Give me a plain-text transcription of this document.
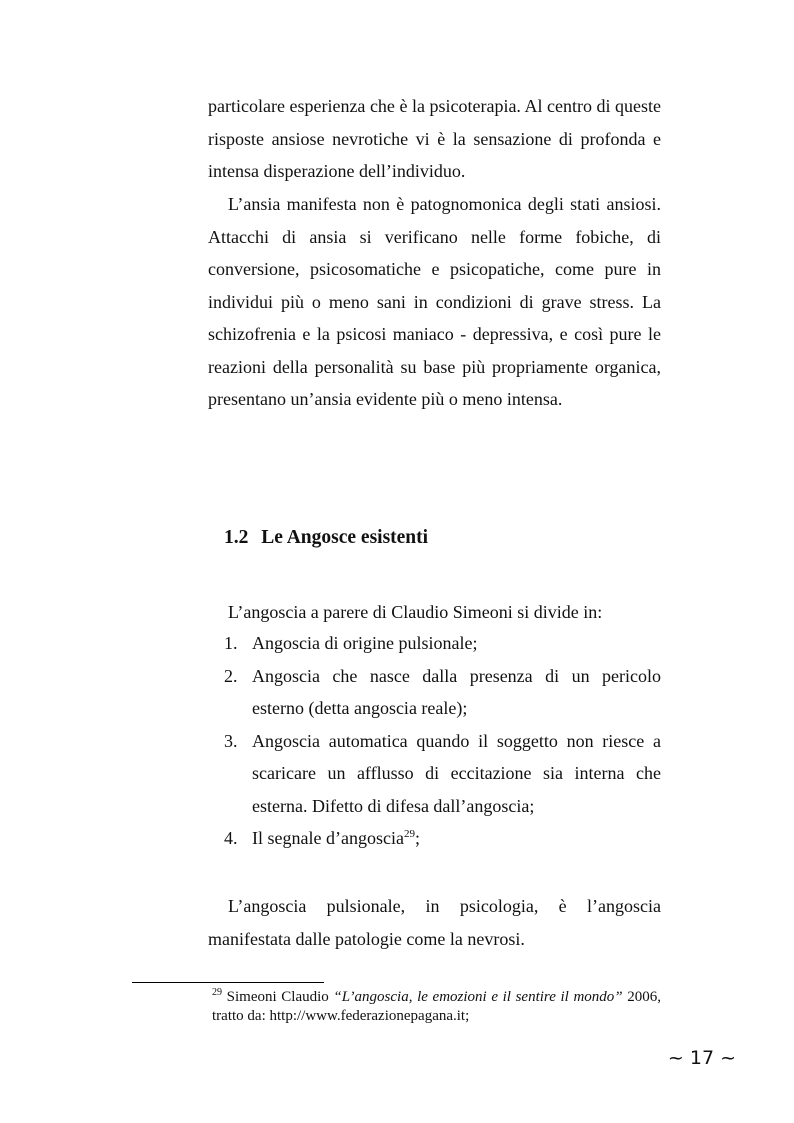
particolare esperienza che è la psicoterapia. Al centro di queste risposte ansiose nevrotiche vi è la sensazione di profonda e intensa disperazione dell’individuo.

L’ansia manifesta non è patognomonica degli stati ansiosi. Attacchi di ansia si verificano nelle forme fobiche, di conversione, psicosomatiche e psicopatiche, come pure in individui più o meno sani in condizioni di grave stress. La schizofrenia e la psicosi maniaco - depressiva, e così pure le reazioni della personalità su base più propriamente organica, presentano un’ansia evidente più o meno intensa.

1.2 Le Angosce esistenti

L’angoscia a parere di Claudio Simeoni si divide in:

1. Angoscia di origine pulsionale;
2. Angoscia che nasce dalla presenza di un pericolo esterno (detta angoscia reale);
3. Angoscia automatica quando il soggetto non riesce a scaricare un afflusso di eccitazione sia interna che esterna. Difetto di difesa dall’angoscia;
4. Il segnale d’angoscia$^{29}$;

L’angoscia pulsionale, in psicologia, è l’angoscia manifestata dalle patologie come la nevrosi.

$^{29}$ Simeoni Claudio “L’angoscia, le emozioni e il sentire il mondo” 2006, tratto da: http://www.federazionepagana.it;

~ 17 ~
